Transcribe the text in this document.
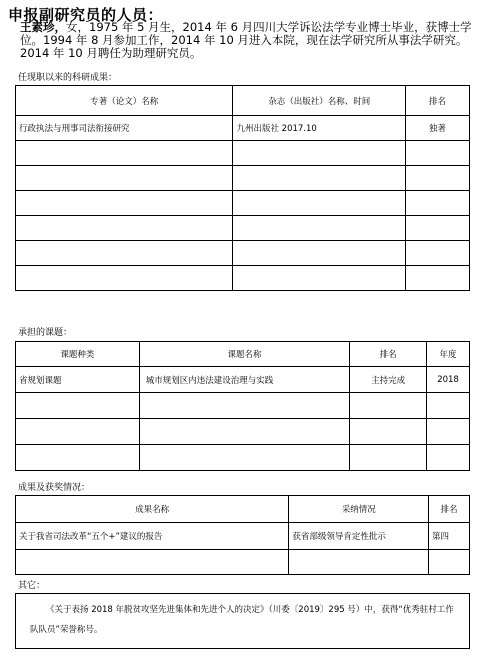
申报副研究员的人员：
王素珍，女，1975 年 5 月生，2014 年 6 月四川大学诉讼法学专业博士毕业，获博士学位。1994 年 8 月参加工作，2014 年 10 月进入本院，现在法学研究所从事法学研究。2014 年 10 月聘任为助理研究员。
任现职以来的科研成果：
专著（论文）名称	杂志（出版社）名称、时间	排名
行政执法与刑事司法衔接研究	九州出版社 2017.10	独著

承担的课题：
课题种类	课题名称	排名	年度
省规划课题	城市规划区内违法建设治理与实践	主持完成	2018

成果及获奖情况：
成果名称	采纳情况	排名
关于我省司法改革“五个+”建议的报告	获省部级领导肯定性批示	第四

其它：
《关于表扬 2018 年脱贫攻坚先进集体和先进个人的决定》（川委〔2019〕295 号）中，获得“优秀驻村工作队队员”荣誉称号。
